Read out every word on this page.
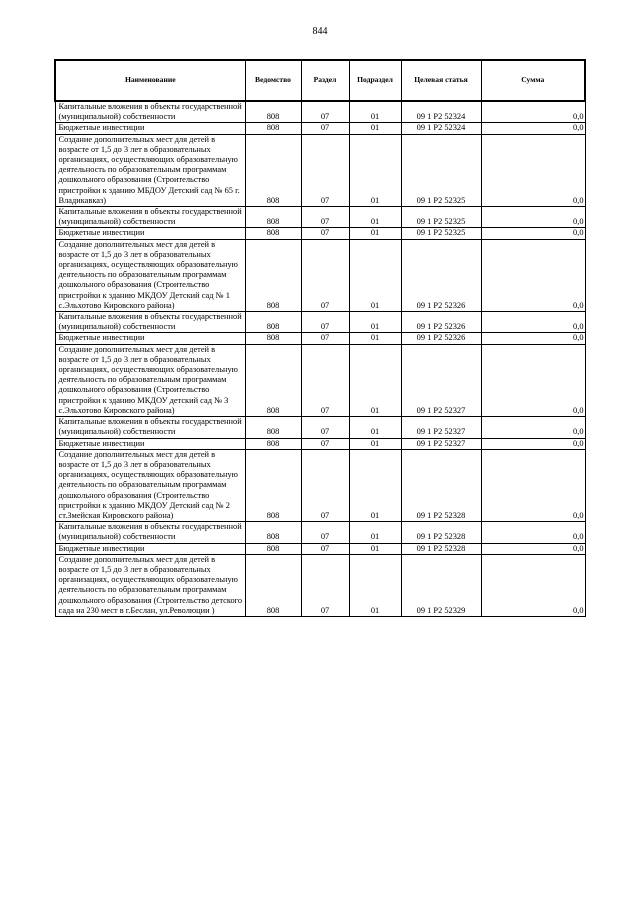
844
Наименование	Ведомство	Раздел	Подраздел	Целевая статья	Сумма
Капитальные вложения в объекты государственной (муниципальной) собственности	808	07	01	09 1 P2 52324	0,0
Бюджетные инвестиции	808	07	01	09 1 P2 52324	0,0
Создание дополнительных мест для детей в возрасте от 1,5 до 3 лет в образовательных организациях, осуществляющих образовательную деятельность по образовательным программам дошкольного образования (Строительство пристройки к зданию МБДОУ Детский сад № 65 г. Владикавказ)	808	07	01	09 1 P2 52325	0,0
Капитальные вложения в объекты государственной (муниципальной) собственности	808	07	01	09 1 P2 52325	0,0
Бюджетные инвестиции	808	07	01	09 1 P2 52325	0,0
Создание дополнительных мест для детей в возрасте от 1,5 до 3 лет в образовательных организациях, осуществляющих образовательную деятельность по образовательным программам дошкольного образования (Строительство пристройки к зданию МКДОУ Детский сад № 1 с.Эльхотово Кировского района)	808	07	01	09 1 P2 52326	0,0
Капитальные вложения в объекты государственной (муниципальной) собственности	808	07	01	09 1 P2 52326	0,0
Бюджетные инвестиции	808	07	01	09 1 P2 52326	0,0
Создание дополнительных мест для детей в возрасте от 1,5 до 3 лет в образовательных организациях, осуществляющих образовательную деятельность по образовательным программам дошкольного образования (Строительство пристройки к зданию МКДОУ детский сад № 3 с.Эльхотово Кировского района)	808	07	01	09 1 P2 52327	0,0
Капитальные вложения в объекты государственной (муниципальной) собственности	808	07	01	09 1 P2 52327	0,0
Бюджетные инвестиции	808	07	01	09 1 P2 52327	0,0
Создание дополнительных мест для детей в возрасте от 1,5 до 3 лет в образовательных организациях, осуществляющих образовательную деятельность по образовательным программам дошкольного образования (Строительство пристройки к зданию МКДОУ Детский сад № 2 ст.Змейская Кировского района)	808	07	01	09 1 P2 52328	0,0
Капитальные вложения в объекты государственной (муниципальной) собственности	808	07	01	09 1 P2 52328	0,0
Бюджетные инвестиции	808	07	01	09 1 P2 52328	0,0
Создание дополнительных мест для детей в возрасте от 1,5 до 3 лет в образовательных организациях, осуществляющих образовательную деятельность по образовательным программам дошкольного образования (Строительство детского сада на 230 мест в г.Беслан, ул.Революции )	808	07	01	09 1 P2 52329	0,0
